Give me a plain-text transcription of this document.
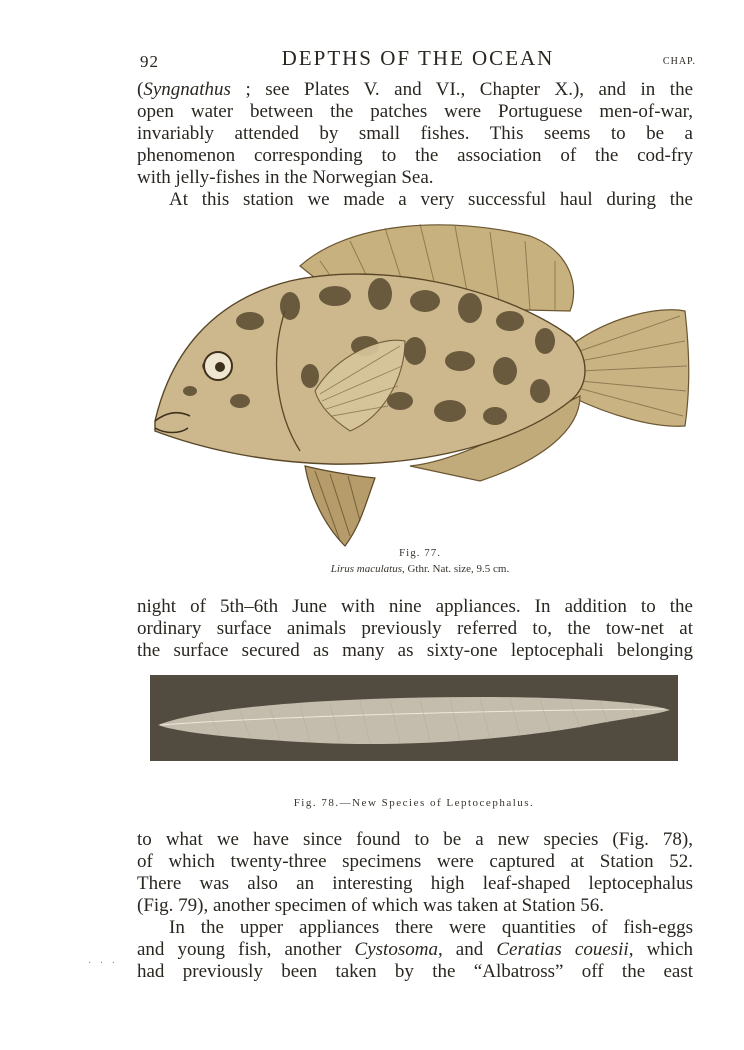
92	DEPTHS OF THE OCEAN	CHAP.
(Syngnathus ; see Plates V. and VI., Chapter X.), and in the
open water between the patches were Portuguese men-of-war,
invariably attended by small fishes. This seems to be a
phenomenon corresponding to the association of the cod-fry
with jelly-fishes in the Norwegian Sea.
At this station we made a very successful haul during the
Fig. 77.
Lirus maculatus, Gthr. Nat. size, 9.5 cm.
night of 5th–6th June with nine appliances. In addition to the
ordinary surface animals previously referred to, the tow-net at
the surface secured as many as sixty-one leptocephali belonging
Fig. 78.—New Species of Leptocephalus.
to what we have since found to be a new species (Fig. 78),
of which twenty-three specimens were captured at Station 52.
There was also an interesting high leaf-shaped leptocephalus
(Fig. 79), another specimen of which was taken at Station 56.
In the upper appliances there were quantities of fish-eggs
and young fish, another Cystosoma, and Ceratias couesii, which
had previously been taken by the “Albatross” off the east
· · ·
